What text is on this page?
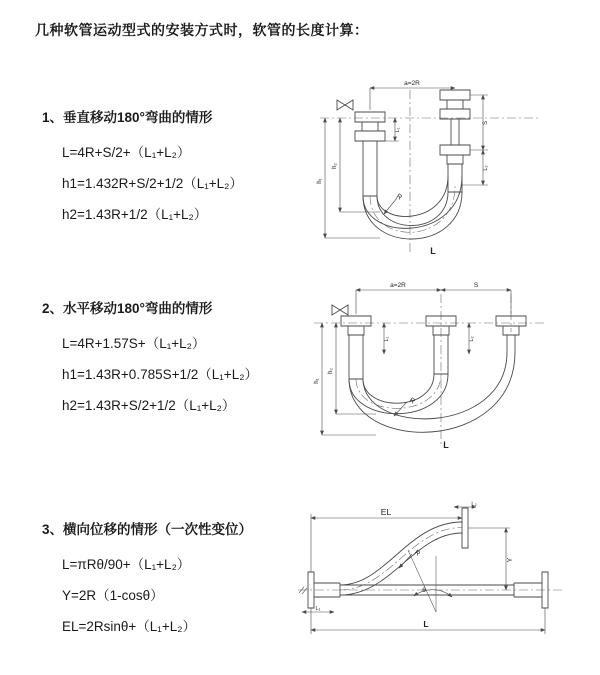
几种软管运动型式的安装方式时，软管的长度计算：
1、垂直移动180°弯曲的情形
L=4R+S/2+（L₁+L₂）
h1=1.432R+S/2+1/2（L₁+L₂）
h2=1.43R+1/2（L₁+L₂）
2、水平移动180°弯曲的情形
L=4R+1.57S+（L₁+L₂）
h1=1.43R+0.785S+1/2（L₁+L₂）
h2=1.43R+S/2+1/2（L₁+L₂）
3、横向位移的情形（一次性变位）
L=πRθ/90+（L₁+L₂）
Y=2R（1-cosθ）
EL=2Rsinθ+（L₁+L₂）
a=2R
R
h₁
h₂
L₁
S
L₂
L
a=2R	S
R
h₁
h₂
L₁	L₂
L
EL
L₂
Y
R
θ
L₁
L
